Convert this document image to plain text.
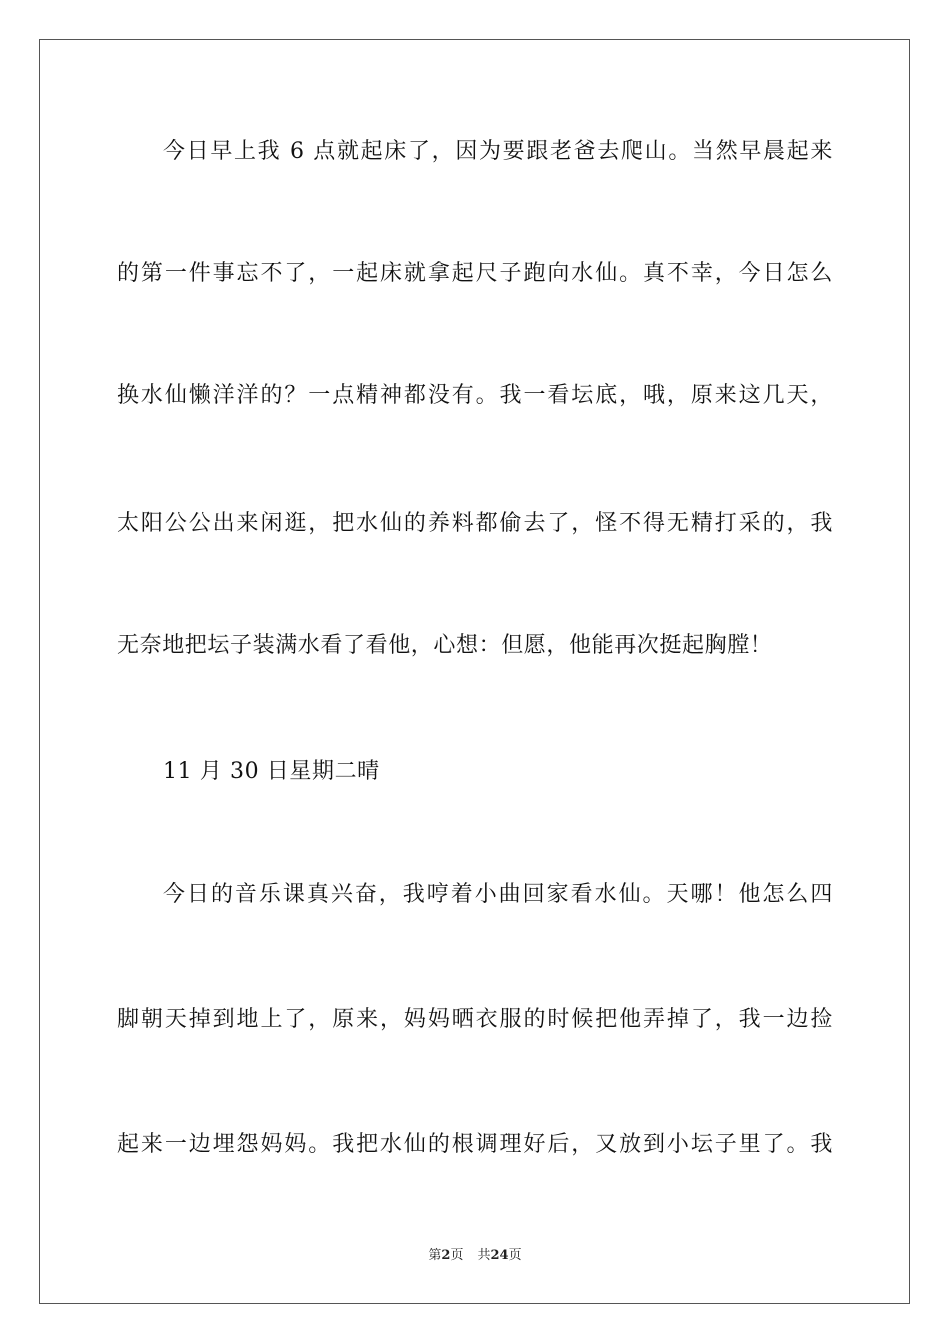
今日早上我 6 点就起床了，因为要跟老爸去爬山。当然早晨起来
的第一件事忘不了，一起床就拿起尺子跑向水仙。真不幸，今日怎么
换水仙懒洋洋的？一点精神都没有。我一看坛底，哦，原来这几天，
太阳公公出来闲逛，把水仙的养料都偷去了，怪不得无精打采的，我
无奈地把坛子装满水看了看他，心想：但愿，他能再次挺起胸膛！
11 月 30 日星期二晴
今日的音乐课真兴奋，我哼着小曲回家看水仙。天哪！他怎么四
脚朝天掉到地上了，原来，妈妈晒衣服的时候把他弄掉了，我一边捡
起来一边埋怨妈妈。我把水仙的根调理好后，又放到小坛子里了。我
第2页 共24页
